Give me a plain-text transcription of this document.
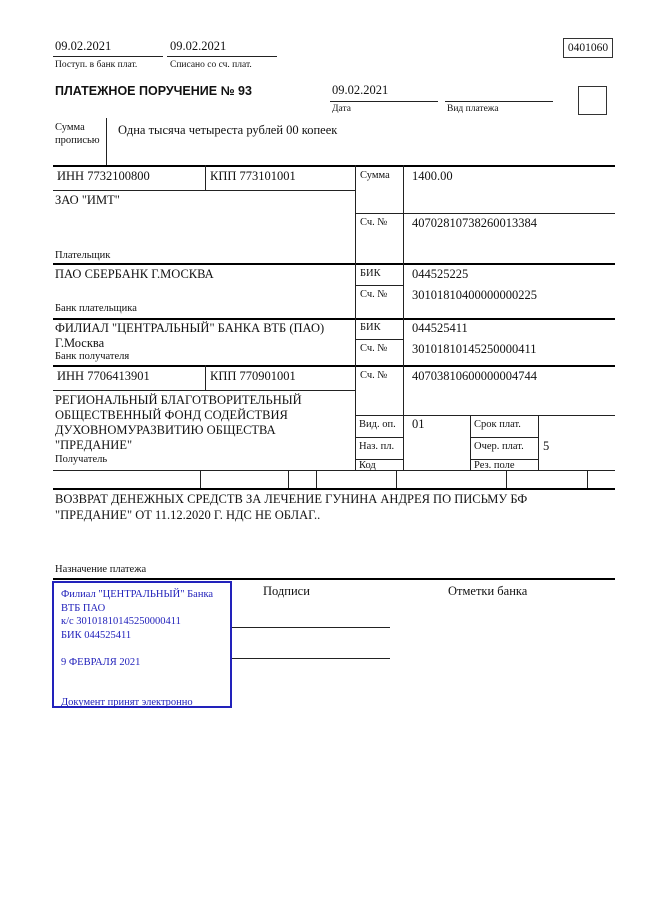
09.02.2021
Поступ. в банк плат.
09.02.2021
Списано со сч. плат.
0401060
ПЛАТЕЖНОЕ ПОРУЧЕНИЕ № 93	09.02.2021
Дата	Вид платежа
Сумма прописью
Одна тысяча четыреста рублей 00 копеек
ИНН 7732100800	КПП 773101001	Сумма 1400.00
ЗАО "ИМТ"
Сч. № 40702810738260013384
Плательщик
ПАО СБЕРБАНК Г.МОСКВА	БИК	044525225
Сч. № 30101810400000000225
Банк плательщика
ФИЛИАЛ "ЦЕНТРАЛЬНЫЙ" БАНКА ВТБ (ПАО)
Г.Москва
БИК	044525411
Сч. № 30101810145250000411
Банк получателя
ИНН 7706413901	КПП 770901001	Сч. № 40703810600000004744
РЕГИОНАЛЬНЫЙ БЛАГОТВОРИТЕЛЬНЫЙ
ОБЩЕСТВЕННЫЙ ФОНД СОДЕЙСТВИЯ
ДУХОВНОМУРАЗВИТИЮ ОБЩЕСТВА
"ПРЕДАНИЕ"
Вид. оп. 01	Срок плат.
Наз. пл.	Очер. плат. 5
Код	Рез. поле
Получатель
ВОЗВРАТ ДЕНЕЖНЫХ СРЕДСТВ ЗА ЛЕЧЕНИЕ ГУНИНА АНДРЕЯ ПО ПИСЬМУ БФ
"ПРЕДАНИЕ" ОТ 11.12.2020 Г. НДС НЕ ОБЛАГ..
Назначение платежа
Филиал "ЦЕНТРАЛЬНЫЙ" Банка
ВТБ ПАО
к/с 30101810145250000411
БИК 044525411
9 ФЕВРАЛЯ 2021
Документ принят электронно
Подписи	Отметки банка
